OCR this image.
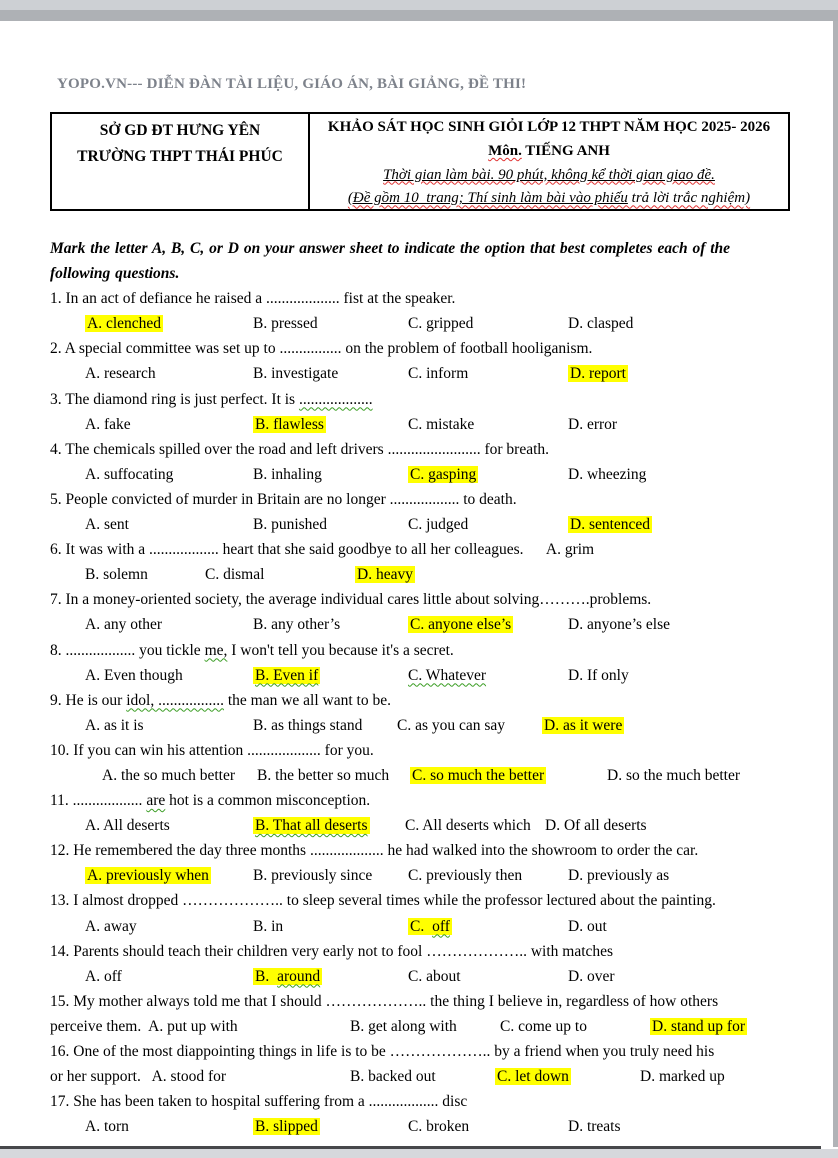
YOPO.VN--- DIỄN ĐÀN TÀI LIỆU, GIÁO ÁN, BÀI GIẢNG, ĐỀ THI!
SỞ GD ĐT HƯNG YÊN
TRƯỜNG THPT THÁI PHÚC
KHẢO SÁT HỌC SINH GIỎI LỚP 12 THPT NĂM HỌC 2025- 2026
Môn. TIẾNG ANH
Thời gian làm bài. 90 phút, không kể thời gian giao đề.
(Đề gồm 10  trang; Thí sinh làm bài vào phiếu trả lời trắc nghiệm)
Mark the letter A, B, C, or D on your answer sheet to indicate the option that best completes each of the
following questions.
1. In an act of defiance he raised a ................... fist at the speaker.
A. clenched	B. pressed	C. gripped	D. clasped
2. A special committee was set up to ................ on the problem of football hooliganism.
A. research	B. investigate	C. inform	D. report
3. The diamond ring is just perfect. It is ...................
A. fake	B. flawless	C. mistake	D. error
4. The chemicals spilled over the road and left drivers ........................ for breath.
A. suffocating	B. inhaling	C. gasping	D. wheezing
5. People convicted of murder in Britain are no longer .................. to death.
A. sent	B. punished	C. judged	D. sentenced
6. It was with a .................. heart that she said goodbye to all her colleagues.      A. grim
B. solemn	C. dismal	D. heavy
7. In a money-oriented society, the average individual cares little about solving……….problems.
A. any other	B. any other’s	C. anyone else’s	D. anyone’s else
8. .................. you tickle me, I won't tell you because it's a secret.
A. Even though	B. Even if	C. Whatever	D. If only
9. He is our idol, ................. the man we all want to be.
A. as it is	B. as things stand C. as you can say	D. as it were
10. If you can win his attention ................... for you.
A. the so much better B. the better so much C. so much the better	D. so the much better
11. .................. are hot is a common misconception.
A. All deserts	B. That all deserts C. All deserts which D. Of all deserts
12. He remembered the day three months ................... he had walked into the showroom to order the car.
A. previously when	B. previously since C. previously then	D. previously as
13. I almost dropped ……………….. to sleep several times while the professor lectured about the painting.
A. away	B. in	C. off	D. out
14. Parents should teach their children very early not to fool ……………….. with matches
A. off	B. around	C. about	D. over
15. My mother always told me that I should ……………….. the thing I believe in, regardless of how others
perceive them.  A. put up with	B. get along with	C. come up to	D. stand up for
16. One of the most diappointing things in life is to be ……………….. by a friend when you truly need his
or her support.   A. stood for	B. backed out	C. let down	D. marked up
17. She has been taken to hospital suffering from a .................. disc
A. torn	B. slipped	C. broken	D. treats
